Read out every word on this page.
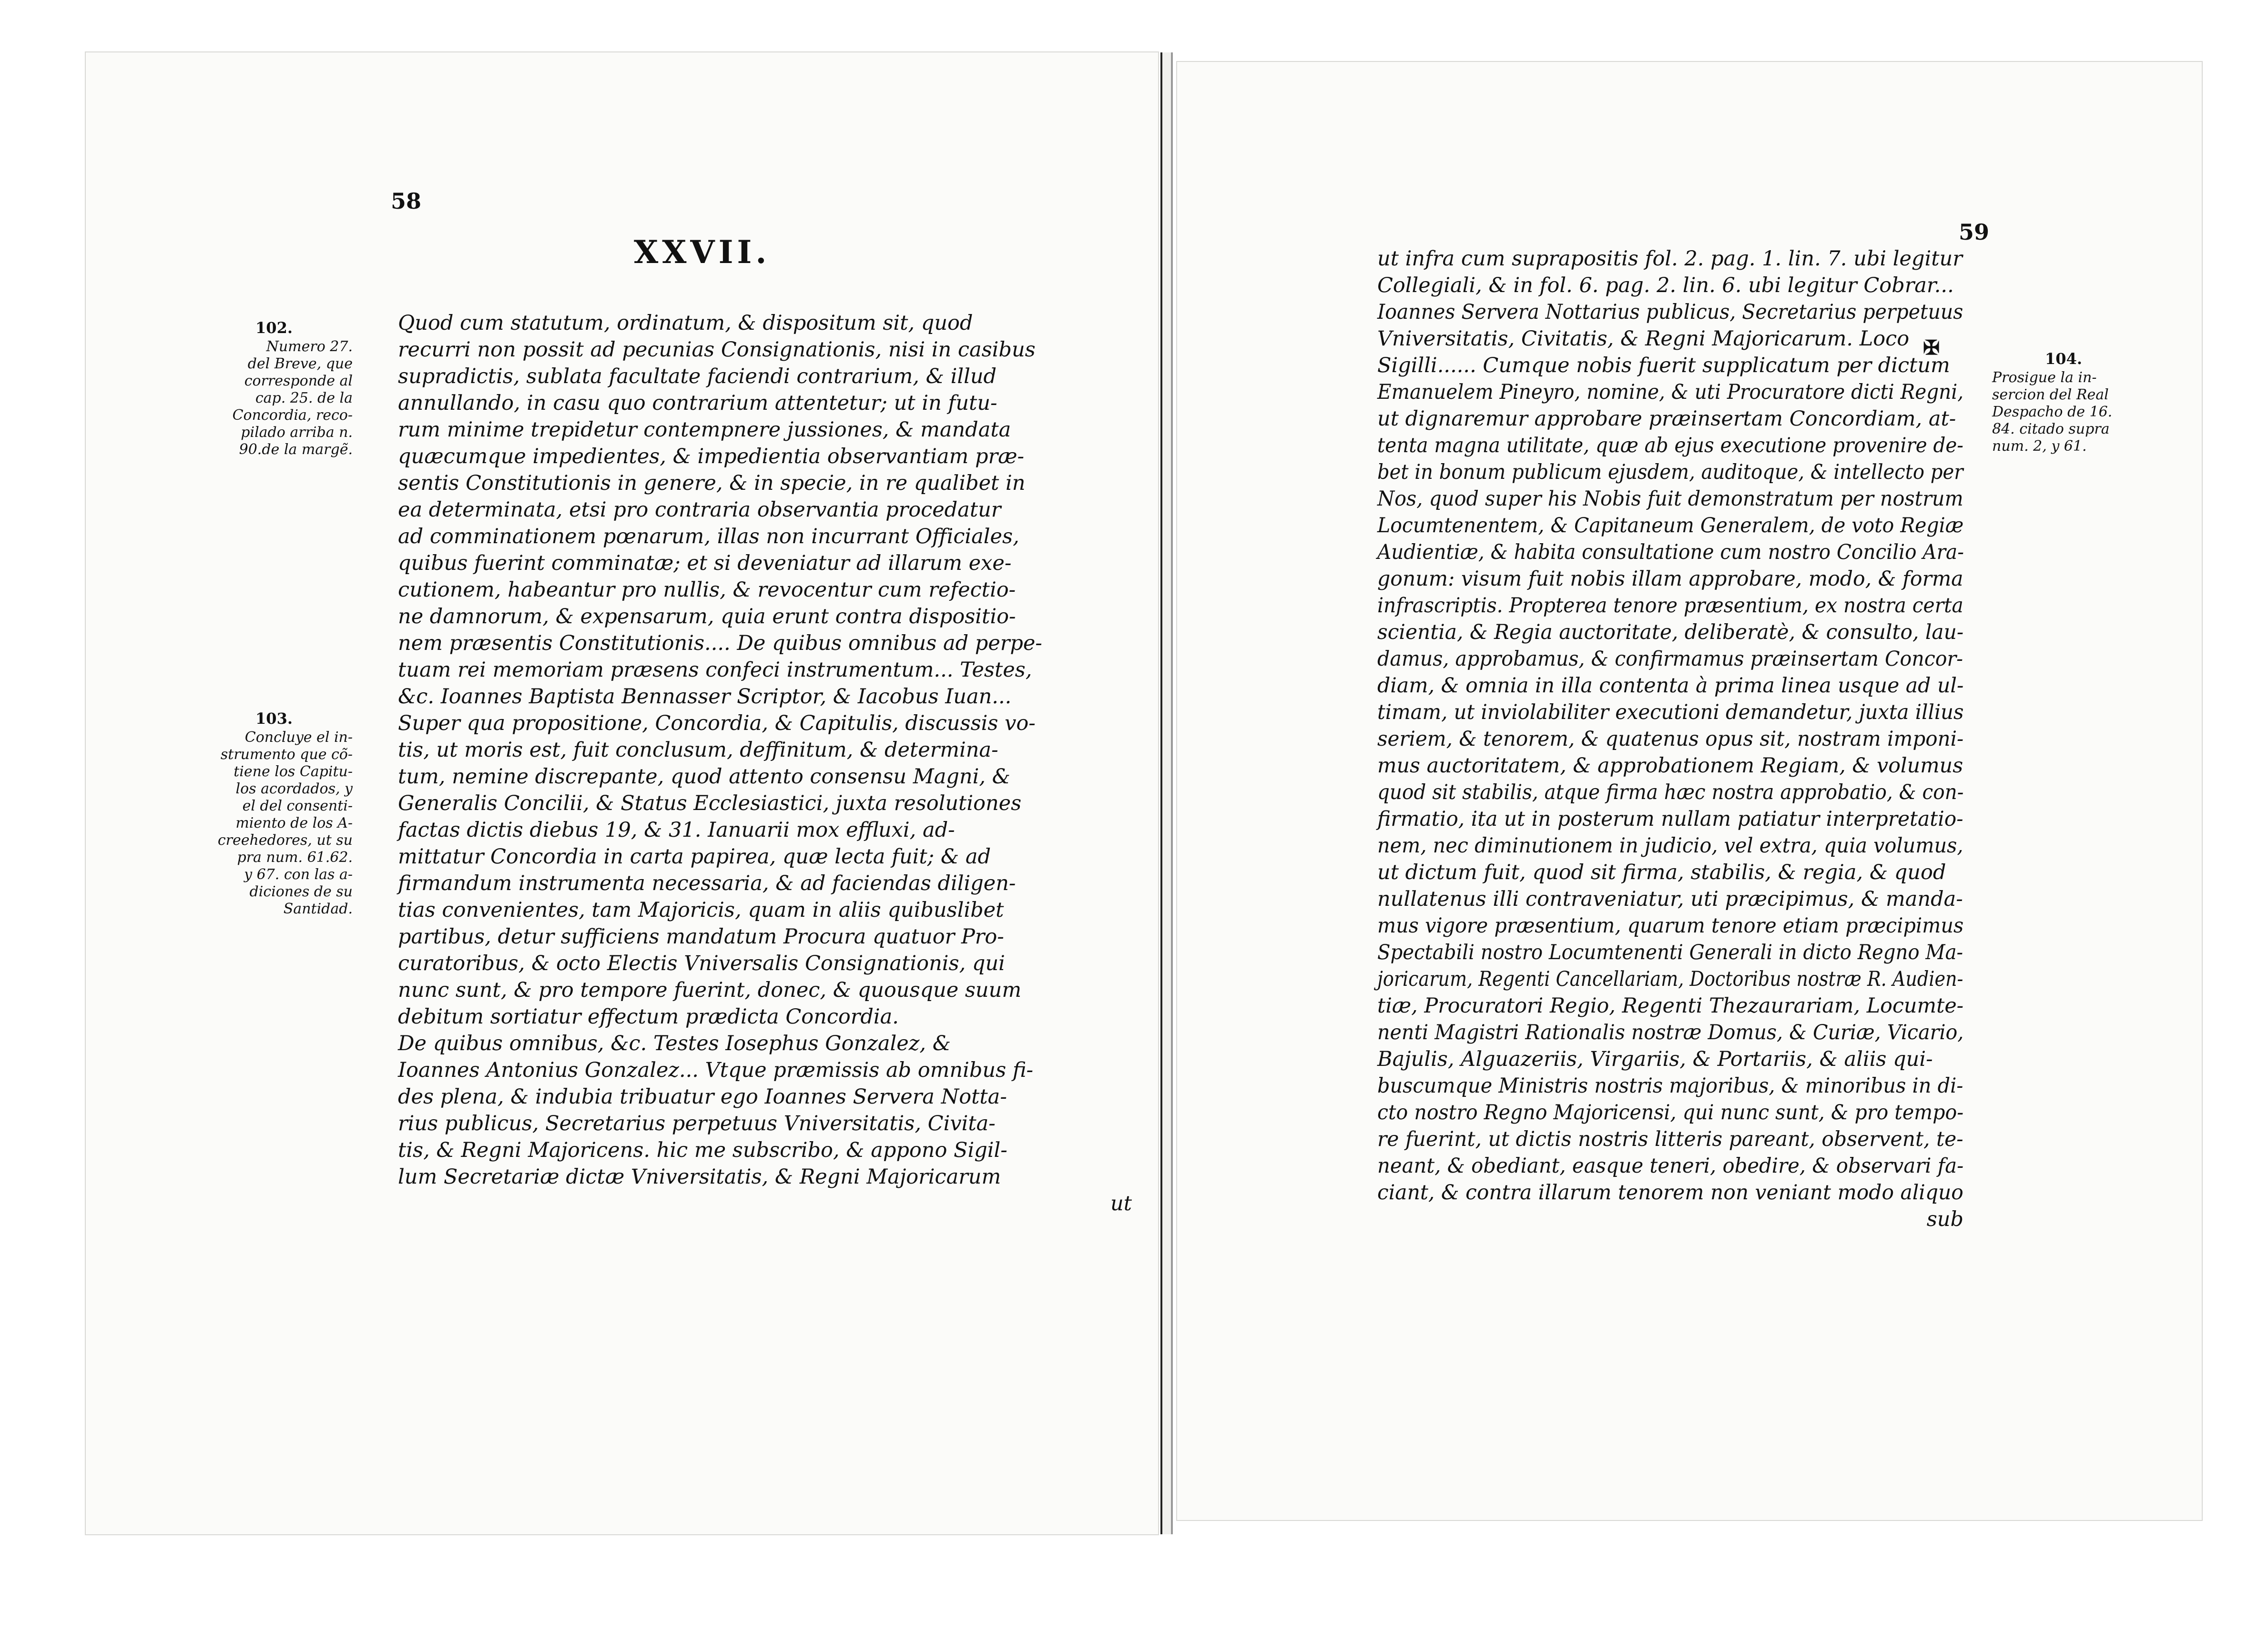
58
XXVII.
102.
Numero 27.
del Breve, que
corresponde al
cap. 25. de la
Concordia, reco-
pilado arriba n.
90.de la margẽ.
103.
Concluye el in-
strumento que cõ-
tiene los Capitu-
los acordados, y
el del consenti-
miento de los A-
creehedores, ut su
pra num. 61.62.
y 67. con las a-
diciones de su
Santidad.
Quod cum statutum, ordinatum, & dispositum sit, quod
recurri non possit ad pecunias Consignationis, nisi in casibus
supradictis, sublata facultate faciendi contrarium, & illud
annullando, in casu quo contrarium attentetur; ut in futu-
rum minime trepidetur contempnere jussiones, & mandata
quæcumque impedientes, & impedientia observantiam præ-
sentis Constitutionis in genere, & in specie, in re qualibet in
ea determinata, etsi pro contraria observantia procedatur
ad comminationem pœnarum, illas non incurrant Officiales,
quibus fuerint comminatæ; et si deveniatur ad illarum exe-
cutionem, habeantur pro nullis, & revocentur cum refectio-
ne damnorum, & expensarum, quia erunt contra dispositio-
nem præsentis Constitutionis.... De quibus omnibus ad perpe-
tuam rei memoriam præsens confeci instrumentum... Testes,
&c. Ioannes Baptista Bennasser Scriptor, & Iacobus Iuan...
Super qua propositione, Concordia, & Capitulis, discussis vo-
tis, ut moris est, fuit conclusum, deffinitum, & determina-
tum, nemine discrepante, quod attento consensu Magni, &
Generalis Concilii, & Status Ecclesiastici, juxta resolutiones
factas dictis diebus 19, & 31. Ianuarii mox effluxi, ad-
mittatur Concordia in carta papirea, quæ lecta fuit; & ad
firmandum instrumenta necessaria, & ad faciendas diligen-
tias convenientes, tam Majoricis, quam in aliis quibuslibet
partibus, detur sufficiens mandatum Procura quatuor Pro-
curatoribus, & octo Electis Vniversalis Consignationis, qui
nunc sunt, & pro tempore fuerint, donec, & quousque suum
debitum sortiatur effectum prædicta Concordia.
De quibus omnibus, &c. Testes Iosephus Gonzalez, &
Ioannes Antonius Gonzalez... Vtque præmissis ab omnibus fi-
des plena, & indubia tribuatur ego Ioannes Servera Notta-
rius publicus, Secretarius perpetuus Vniversitatis, Civita-
tis, & Regni Majoricens. hic me subscribo, & appono Sigil-
lum Secretariæ dictæ Vniversitatis, & Regni Majoricarum
ut
59
✠
ut infra cum suprapositis fol. 2. pag. 1. lin. 7. ubi legitur
Collegiali, & in fol. 6. pag. 2. lin. 6. ubi legitur Cobrar...
Ioannes Servera Nottarius publicus, Secretarius perpetuus
Vniversitatis, Civitatis, & Regni Majoricarum. Loco
Sigilli...... Cumque nobis fuerit supplicatum per dictum
Emanuelem Pineyro, nomine, & uti Procuratore dicti Regni,
ut dignaremur approbare præinsertam Concordiam, at-
tenta magna utilitate, quæ ab ejus executione provenire de-
bet in bonum publicum ejusdem, auditoque, & intellecto per
Nos, quod super his Nobis fuit demonstratum per nostrum
Locumtenentem, & Capitaneum Generalem, de voto Regiæ
Audientiæ, & habita consultatione cum nostro Concilio Ara-
gonum: visum fuit nobis illam approbare, modo, & forma
infrascriptis. Propterea tenore præsentium, ex nostra certa
scientia, & Regia auctoritate, deliberatè, & consulto, lau-
damus, approbamus, & confirmamus præinsertam Concor-
diam, & omnia in illa contenta à prima linea usque ad ul-
timam, ut inviolabiliter executioni demandetur, juxta illius
seriem, & tenorem, & quatenus opus sit, nostram imponi-
mus auctoritatem, & approbationem Regiam, & volumus
quod sit stabilis, atque firma hæc nostra approbatio, & con-
firmatio, ita ut in posterum nullam patiatur interpretatio-
nem, nec diminutionem in judicio, vel extra, quia volumus,
ut dictum fuit, quod sit firma, stabilis, & regia, & quod
nullatenus illi contraveniatur, uti præcipimus, & manda-
mus vigore præsentium, quarum tenore etiam præcipimus
Spectabili nostro Locumtenenti Generali in dicto Regno Ma-
joricarum, Regenti Cancellariam, Doctoribus nostræ R. Audien-
tiæ, Procuratori Regio, Regenti Thezaurariam, Locumte-
nenti Magistri Rationalis nostræ Domus, & Curiæ, Vicario,
Bajulis, Alguazeriis, Virgariis, & Portariis, & aliis qui-
buscumque Ministris nostris majoribus, & minoribus in di-
cto nostro Regno Majoricensi, qui nunc sunt, & pro tempo-
re fuerint, ut dictis nostris litteris pareant, observent, te-
neant, & obediant, easque teneri, obedire, & observari fa-
ciant, & contra illarum tenorem non veniant modo aliquo
sub
104.
Prosigue la in-
sercion del Real
Despacho de 16.
84. citado supra
num. 2, y 61.
